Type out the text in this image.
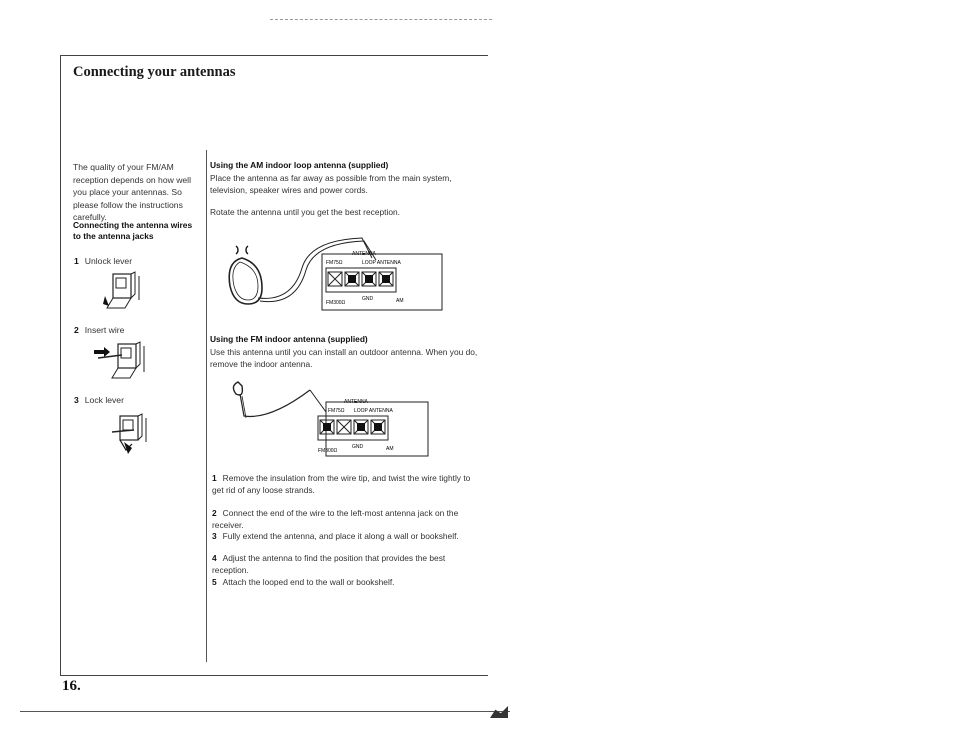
Connecting your antennas
16.
The quality of your FM/AM reception depends on how well you place your antennas. So please follow the instructions carefully.
Connecting the antenna wires to the antenna jacks
1 Unlock lever
2 Insert wire
3 Lock lever
Using the AM indoor loop antenna (supplied)
Place the antenna as far away as possible from the main system, television, speaker wires and power cords.
Rotate the antenna until you get the best reception.
ANTENNA
FM75Ω	LOOP ANTENNA
FM300Ω
GND	AM
Using the FM indoor antenna (supplied)
Use this antenna until you can install an outdoor antenna. When you do, remove the indoor antenna.
ANTENNA
FM75Ω LOOP ANTENNA
FM300Ω
GND	AM
1 Remove the insulation from the wire tip, and twist the wire tightly to get rid of any loose strands.
2 Connect the end of the wire to the left-most antenna jack on the receiver.
3 Fully extend the antenna, and place it along a wall or bookshelf.
4 Adjust the antenna to find the position that provides the best reception.
5 Attach the looped end to the wall or bookshelf.
